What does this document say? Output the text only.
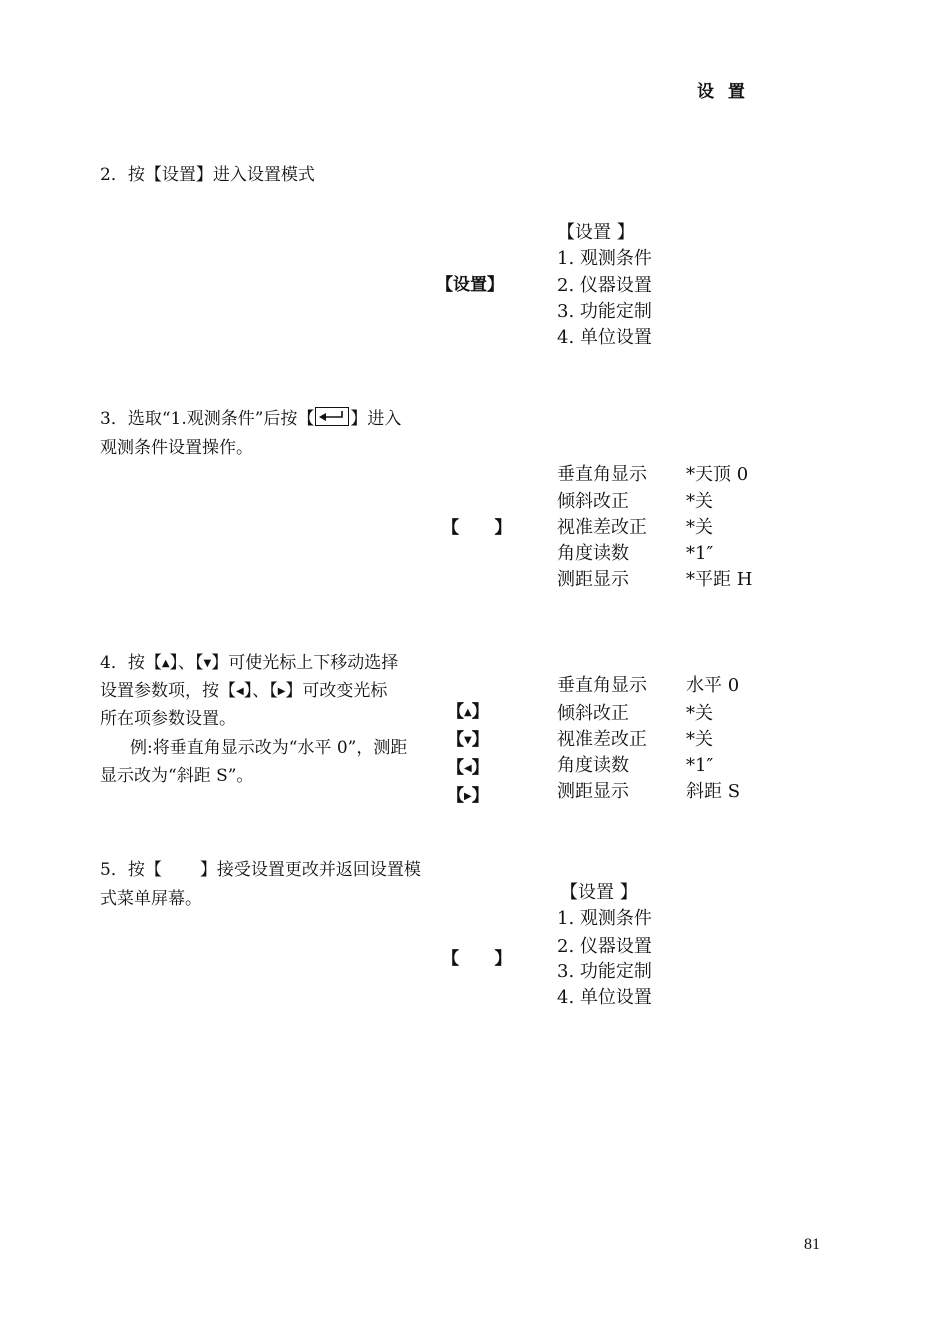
设 置
2．按【设置】进入设置模式
【设置】
【设置 】
1. 观测条件
2. 仪器设置
3. 功能定制
4. 单位设置
3．选取“1.观测条件”后按【 】进入
观测条件设置操作。
【      】
垂直角显示 *天顶 0
倾斜改正	*关
视准差改正 *关
角度读数	*1″
测距显示	*平距 H
4．按【▲】、【▼】可使光标上下移动选择
设置参数项，按【◀】、【▶】可改变光标
所在项参数设置。
例:将垂直角显示改为“水平 0”，测距
显示改为“斜距 S”。
【▲】
【▼】
【◀】
【▶】
垂直角显示 水平 0
倾斜改正	*关
视准差改正 *关
角度读数	*1″
测距显示	斜距 S
5．按【 】接受设置更改并返回设置模
式菜单屏幕。
【      】
【设置 】
1. 观测条件
2. 仪器设置
3. 功能定制
4. 单位设置
81
